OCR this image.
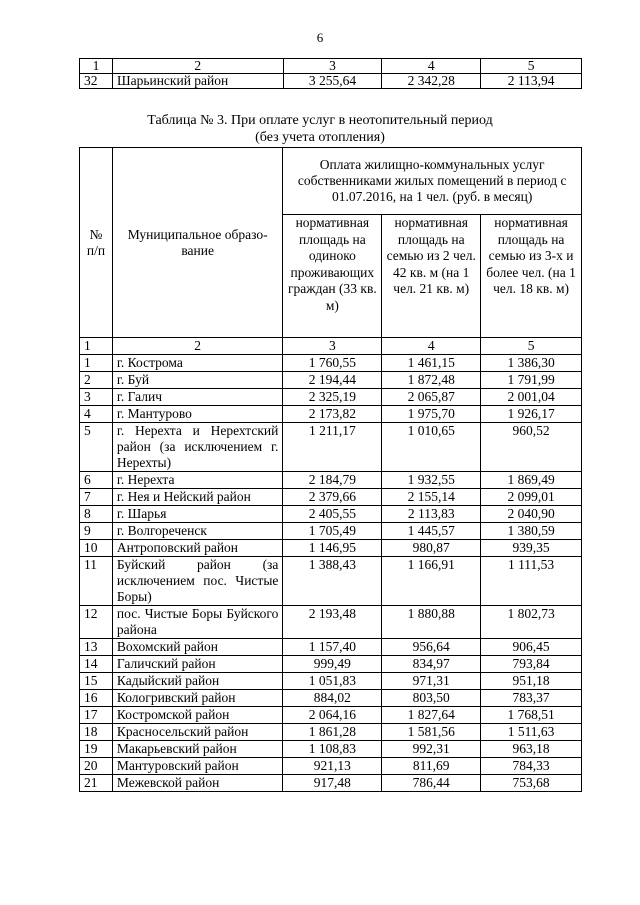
6
1	2	3	4	5
32	Шарьинский район	3 255,64	2 342,28	2 113,94
Таблица № 3. При оплате услуг в неотопительный период
(без учета отопления)
№ п/п	Муниципальное образо-вание	Оплата жилищно-коммунальных услуг собственниками жилых помещений в период с 01.07.2016, на 1 чел. (руб. в месяц)		
		нормативная площадь на одиноко проживающих граждан (33 кв. м)	нормативная площадь на семью из 2 чел. 42 кв. м (на 1 чел. 21 кв. м)	нормативная площадь на семью из 3-х и более чел. (на 1 чел. 18 кв. м)
1	2	3	4	5
1	г. Кострома	1 760,55	1 461,15	1 386,30
2	г. Буй	2 194,44	1 872,48	1 791,99
3	г. Галич	2 325,19	2 065,87	2 001,04
4	г. Мантурово	2 173,82	1 975,70	1 926,17
5	г. Нерехта и Нерехтский район (за исключением г. Нерехты)	1 211,17	1 010,65	960,52
6	г. Нерехта	2 184,79	1 932,55	1 869,49
7	г. Нея и Нейский район	2 379,66	2 155,14	2 099,01
8	г. Шарья	2 405,55	2 113,83	2 040,90
9	г. Волгореченск	1 705,49	1 445,57	1 380,59
10	Антроповский район	1 146,95	980,87	939,35
11	Буйский район (за исключением пос. Чистые Боры)	1 388,43	1 166,91	1 111,53
12	пос. Чистые Боры Буйского района	2 193,48	1 880,88	1 802,73
13	Вохомский район	1 157,40	956,64	906,45
14	Галичский район	999,49	834,97	793,84
15	Кадыйский район	1 051,83	971,31	951,18
16	Кологривский район	884,02	803,50	783,37
17	Костромской район	2 064,16	1 827,64	1 768,51
18	Красносельский район	1 861,28	1 581,56	1 511,63
19	Макарьевский район	1 108,83	992,31	963,18
20	Мантуровский район	921,13	811,69	784,33
21	Межевской район	917,48	786,44	753,68
